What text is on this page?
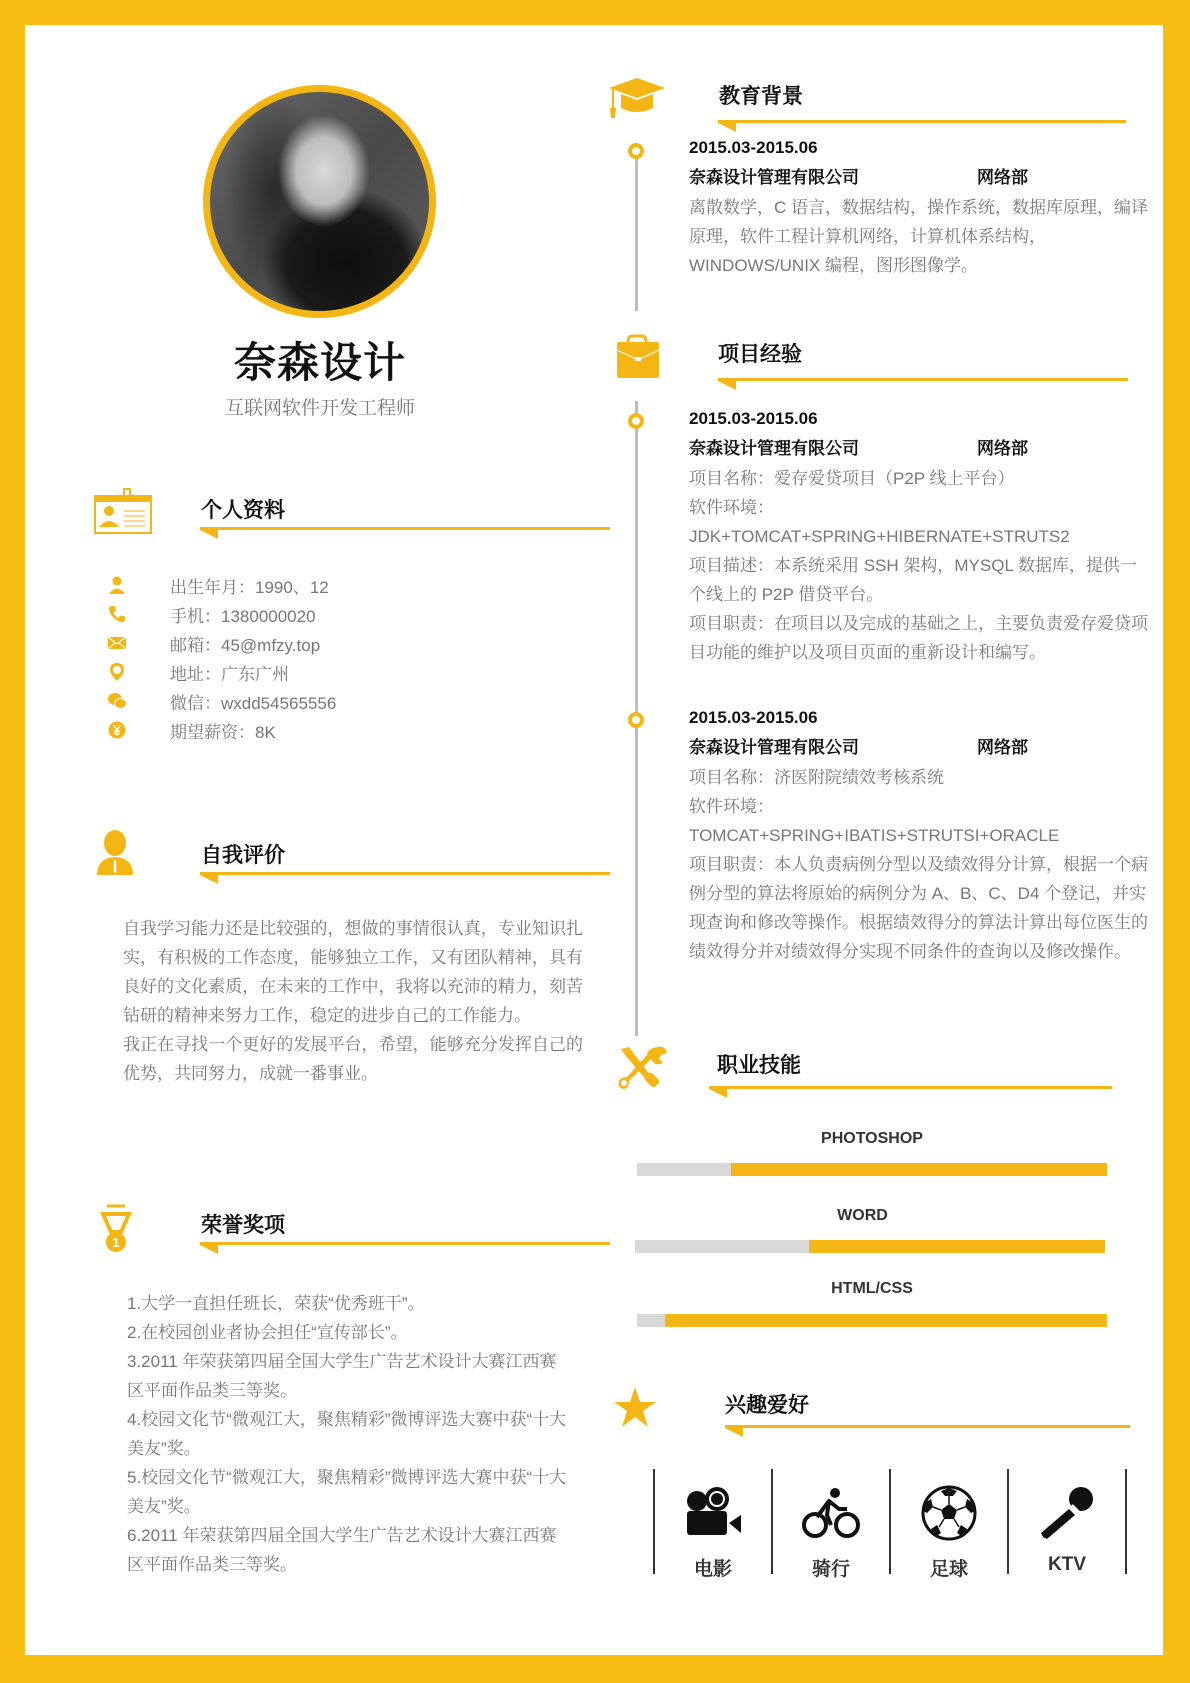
奈森设计
互联网软件开发工程师
个人资料
出生年月：1990、12
手机：1380000020
邮箱：45@mfzy.top
地址：广东广州
微信：wxdd54565556
期望薪资：8K
自我评价

自我学习能力还是比较强的，想做的事情很认真，专业知识扎实，有积极的工作态度，能够独立工作，又有团队精神，具有良好的文化素质，在未来的工作中，我将以充沛的精力，刻苦钻研的精神来努力工作，稳定的进步自己的工作能力。

我正在寻找一个更好的发展平台，希望，能够充分发挥自己的优势，共同努力，成就一番事业。

1
荣誉奖项

1.大学一直担任班长，荣获“优秀班干”。

2.在校园创业者协会担任“宣传部长”。

3.2011 年荣获第四届全国大学生广告艺术设计大赛江西赛区平面作品类三等奖。

4.校园文化节“微观江大，聚焦精彩”微博评选大赛中获“十大美友”奖。

5.校园文化节“微观江大，聚焦精彩”微博评选大赛中获“十大美友”奖。

6.2011 年荣获第四届全国大学生广告艺术设计大赛江西赛区平面作品类三等奖。

教育背景
2015.03-2015.06
奈森设计管理有限公司	网络部

离散数学，C 语言，数据结构，操作系统，数据库原理，编译原理，软件工程计算机网络，计算机体系结构，WINDOWS/UNIX 编程，图形图像学。

项目经验
2015.03-2015.06
奈森设计管理有限公司	网络部

项目名称：爱存爱贷项目（P2P 线上平台）

软件环境：

JDK+TOMCAT+SPRING+HIBERNATE+STRUTS2

项目描述：本系统采用 SSH 架构，MYSQL 数据库，提供一个线上的 P2P 借贷平台。

项目职责：在项目以及完成的基础之上，主要负责爱存爱贷项目功能的维护以及项目页面的重新设计和编写。

2015.03-2015.06
奈森设计管理有限公司	网络部

项目名称：济医附院绩效考核系统

软件环境：

TOMCAT+SPRING+IBATIS+STRUTSI+ORACLE

项目职责：本人负责病例分型以及绩效得分计算，根据一个病例分型的算法将原始的病例分为 A、B、C、D4 个登记，并实现查询和修改等操作。根据绩效得分的算法计算出每位医生的绩效得分并对绩效得分实现不同条件的查询以及修改操作。

职业技能
PHOTOSHOP
WORD
HTML/CSS
兴趣爱好
电影	骑行	足球	KTV
